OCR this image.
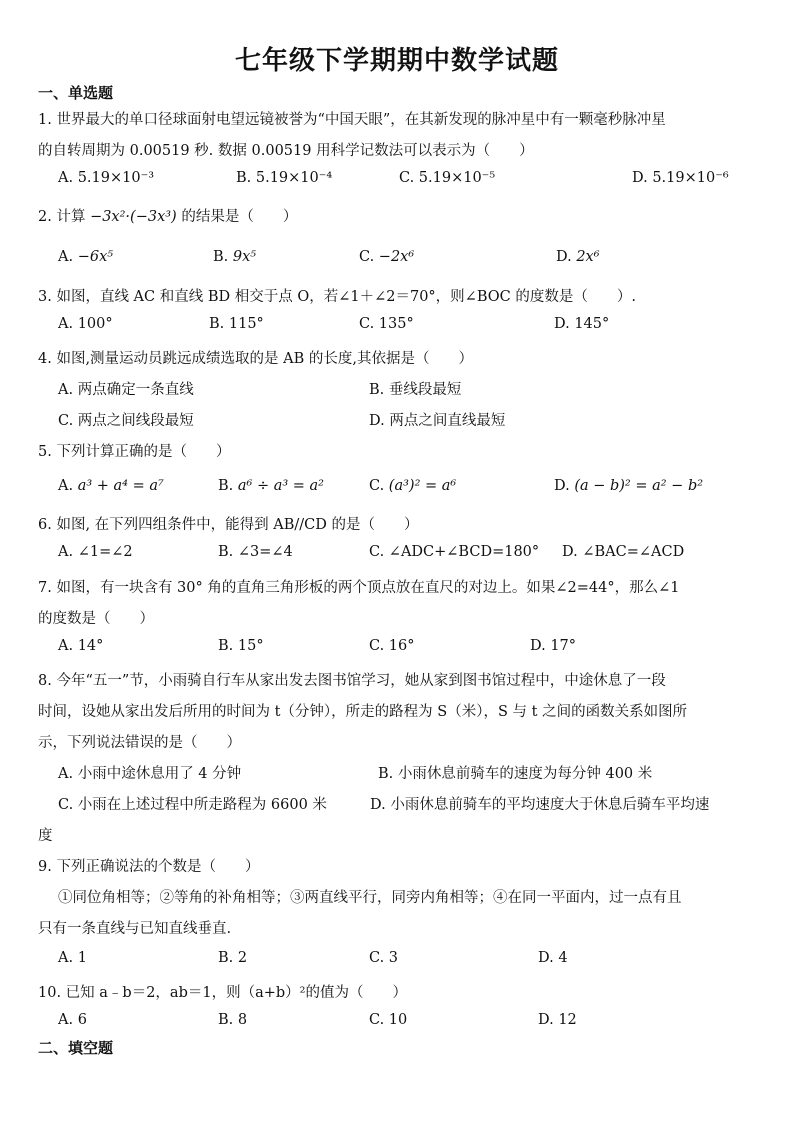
七年级下学期期中数学试题
一、单选题
1. 世界最大的单口径球面射电望远镜被誉为“中国天眼”，在其新发现的脉冲星中有一颗毫秒脉冲星
的自转周期为 0.00519 秒. 数据 0.00519 用科学记数法可以表示为（　　）
A. 5.19×10⁻³	B. 5.19×10⁻⁴	C. 5.19×10⁻⁵	D. 5.19×10⁻⁶
2. 计算 −3x²·(−3x³) 的结果是（　　）
A. −6x⁵	B. 9x⁵	C. −2x⁶	D. 2x⁶
3. 如图，直线 AC 和直线 BD 相交于点 O，若∠1＋∠2＝70°，则∠BOC 的度数是（　　）.
A. 100°	B. 115°	C. 135°	D. 145°
4. 如图,测量运动员跳远成绩选取的是 AB 的长度,其依据是（　　）
A. 两点确定一条直线	B. 垂线段最短
C. 两点之间线段最短	D. 两点之间直线最短
5. 下列计算正确的是（　　）
A. a³ + a⁴ = a⁷	B. a⁶ ÷ a³ = a²	C. (a³)² = a⁶	D. (a − b)² = a² − b²
6. 如图, 在下列四组条件中，能得到 AB//CD 的是（　　）
A. ∠1=∠2	B. ∠3=∠4	C. ∠ADC+∠BCD=180° D. ∠BAC=∠ACD
7. 如图，有一块含有 30° 角的直角三角形板的两个顶点放在直尺的对边上。如果∠2=44°，那么∠1
的度数是（　　）
A. 14°	B. 15°	C. 16°	D. 17°
8. 今年“五一”节，小雨骑自行车从家出发去图书馆学习，她从家到图书馆过程中，中途休息了一段
时间，设她从家出发后所用的时间为 t（分钟），所走的路程为 S（米），S 与 t 之间的函数关系如图所
示，下列说法错误的是（　　）
A. 小雨中途休息用了 4 分钟	B. 小雨休息前骑车的速度为每分钟 400 米
C. 小雨在上述过程中所走路程为 6600 米	D. 小雨休息前骑车的平均速度大于休息后骑车平均速
度
9. 下列正确说法的个数是（　　）
①同位角相等；②等角的补角相等；③两直线平行，同旁内角相等；④在同一平面内，过一点有且
只有一条直线与已知直线垂直.
A. 1	B. 2	C. 3	D. 4
10. 已知 a﹣b＝2，ab＝1，则（a+b）²的值为（　　）
A. 6	B. 8	C. 10	D. 12
二、填空题
